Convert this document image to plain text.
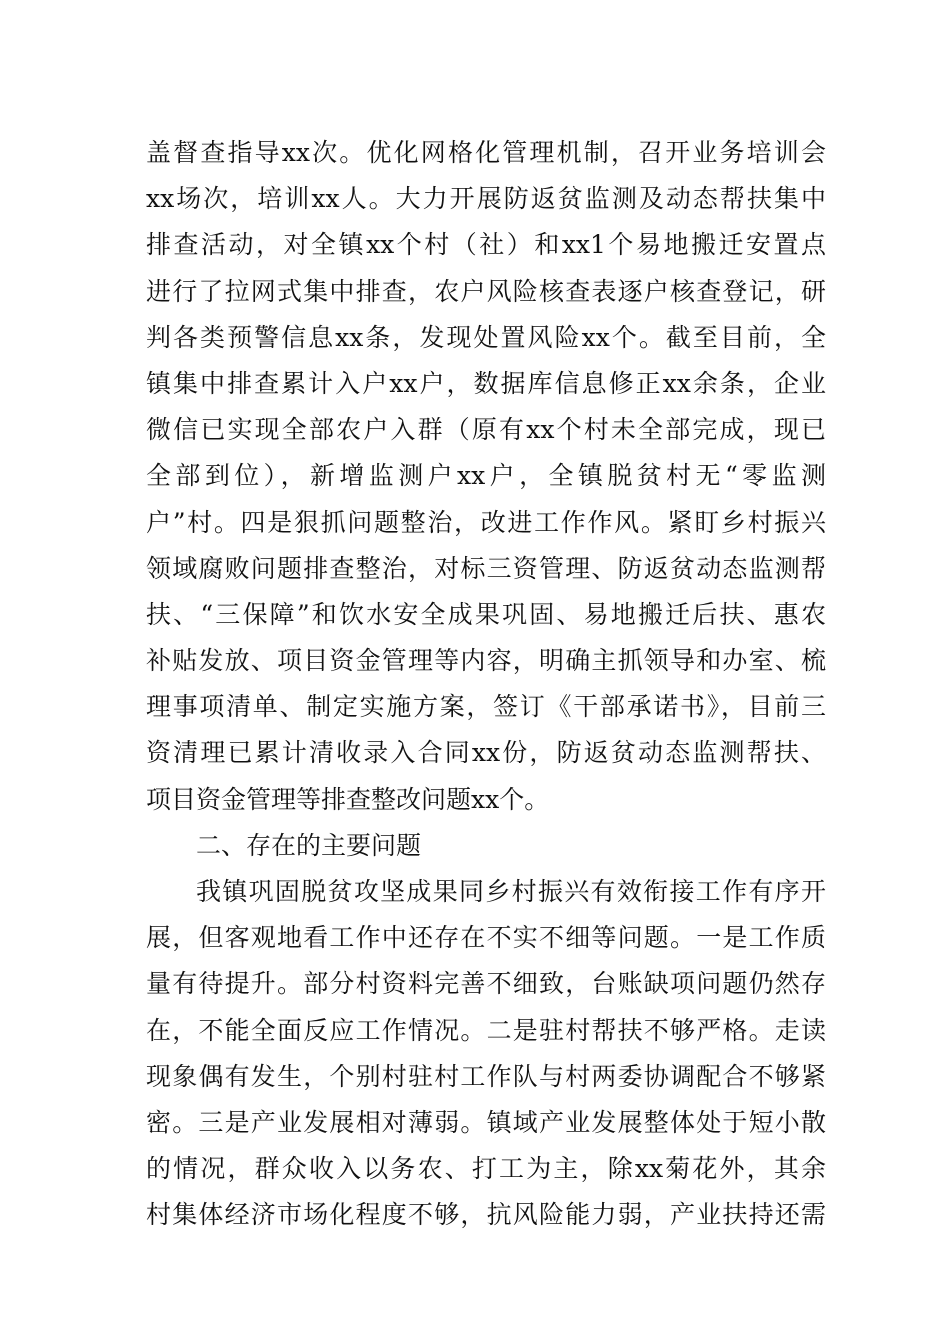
盖督查指导xx次。优化网格化管理机制，召开业务培训会
xx场次，培训xx人。大力开展防返贫监测及动态帮扶集中
排查活动，对全镇xx个村（社）和xx1个易地搬迁安置点
进行了拉网式集中排查，农户风险核查表逐户核查登记，研
判各类预警信息xx条，发现处置风险xx个。截至目前，全
镇集中排查累计入户xx户，数据库信息修正xx余条，企业
微信已实现全部农户入群（原有xx个村未全部完成，现已
全部到位），新增监测户xx户，全镇脱贫村无“零监测
户”村。四是狠抓问题整治，改进工作作风。紧盯乡村振兴
领域腐败问题排查整治，对标三资管理、防返贫动态监测帮
扶、“三保障”和饮水安全成果巩固、易地搬迁后扶、惠农
补贴发放、项目资金管理等内容，明确主抓领导和办室、梳
理事项清单、制定实施方案，签订《干部承诺书》，目前三
资清理已累计清收录入合同xx份，防返贫动态监测帮扶、
项目资金管理等排查整改问题xx个。
二、存在的主要问题
我镇巩固脱贫攻坚成果同乡村振兴有效衔接工作有序开
展，但客观地看工作中还存在不实不细等问题。一是工作质
量有待提升。部分村资料完善不细致，台账缺项问题仍然存
在，不能全面反应工作情况。二是驻村帮扶不够严格。走读
现象偶有发生，个别村驻村工作队与村两委协调配合不够紧
密。三是产业发展相对薄弱。镇域产业发展整体处于短小散
的情况，群众收入以务农、打工为主，除xx菊花外，其余
村集体经济市场化程度不够，抗风险能力弱，产业扶持还需
